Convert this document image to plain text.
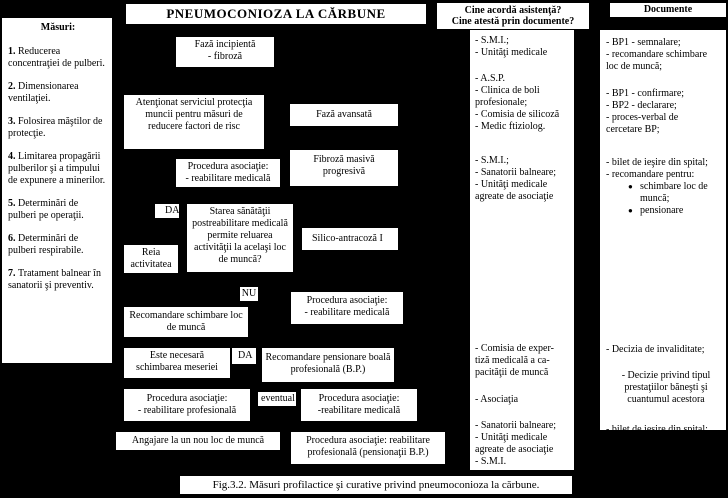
PNEUMOCONIOZA LA CĂRBUNE
Măsuri:
1. Reducerea concentraţiei de pulberi.
2. Dimensionarea ventilaţiei.
3. Folosirea măştilor de protecţie.
4. Limitarea propagării pulberilor şi a timpului de expunere a minerilor.
5. Determinări de pulberi pe operaţii.
6. Determinări de pulberi respirabile.
7. Tratament balnear în sanatorii şi preventiv.
Fază incipientă
- fibroză
Atenţionat serviciul protecţia muncii pentru măsuri de reducere factori de risc
Fază avansată
Procedura asociaţie:
- reabilitare medicală
Fibroză masivă
progresivă
DA	Starea sănătăţii postreabilitare medicală permite reluarea activităţii la acelaşi loc de muncă?
Silico-antracoză I
Reia activitatea
NU
Procedura asociaţie:
- reabilitare medicală
Recomandare schimbare loc de muncă
Este necesară schimbarea meseriei
DA	Recomandare pensionare boală profesională (B.P.)
Procedura asociaţie:
- reabilitare profesională
eventual	Procedura asociaţie:
-reabilitare medicală
Angajare la un nou loc de muncă	Procedura asociaţie: reabilitare profesională (pensionaţii B.P.)
Cine acordă asistenţă?
Cine atestă prin documente?
- S.M.I.;
- Unităţi medicale
- A.S.P.
- Clinica de boli
profesionale;
- Comisia de silicoză
- Medic ftiziolog.
- S.M.I.;
- Sanatorii balneare;
- Unităţi medicale
agreate de asociaţie
- Comisia de exper-
tiză medicală a ca-
pacităţii de muncă
- Asociaţia
- Sanatorii balneare;
- Unităţi medicale
agreate de asociaţie
- S.M.I.
Documente
- BP1 - semnalare;
- recomandare schimbare
loc de muncă;
- BP1 - confirmare;
- BP2 - declarare;
- proces-verbal de
cercetare BP;
- bilet de ieşire din spital;
- recomandare pentru:
● schimbare loc de muncă;
● pensionare
- Decizia de invaliditate;
- Decizie privind tipul prestaţiilor băneşti şi cuantumul acestora
- bilet de ieşire din spital;
Fig.3.2. Măsuri profilactice şi curative privind pneumoconioza la cărbune.
